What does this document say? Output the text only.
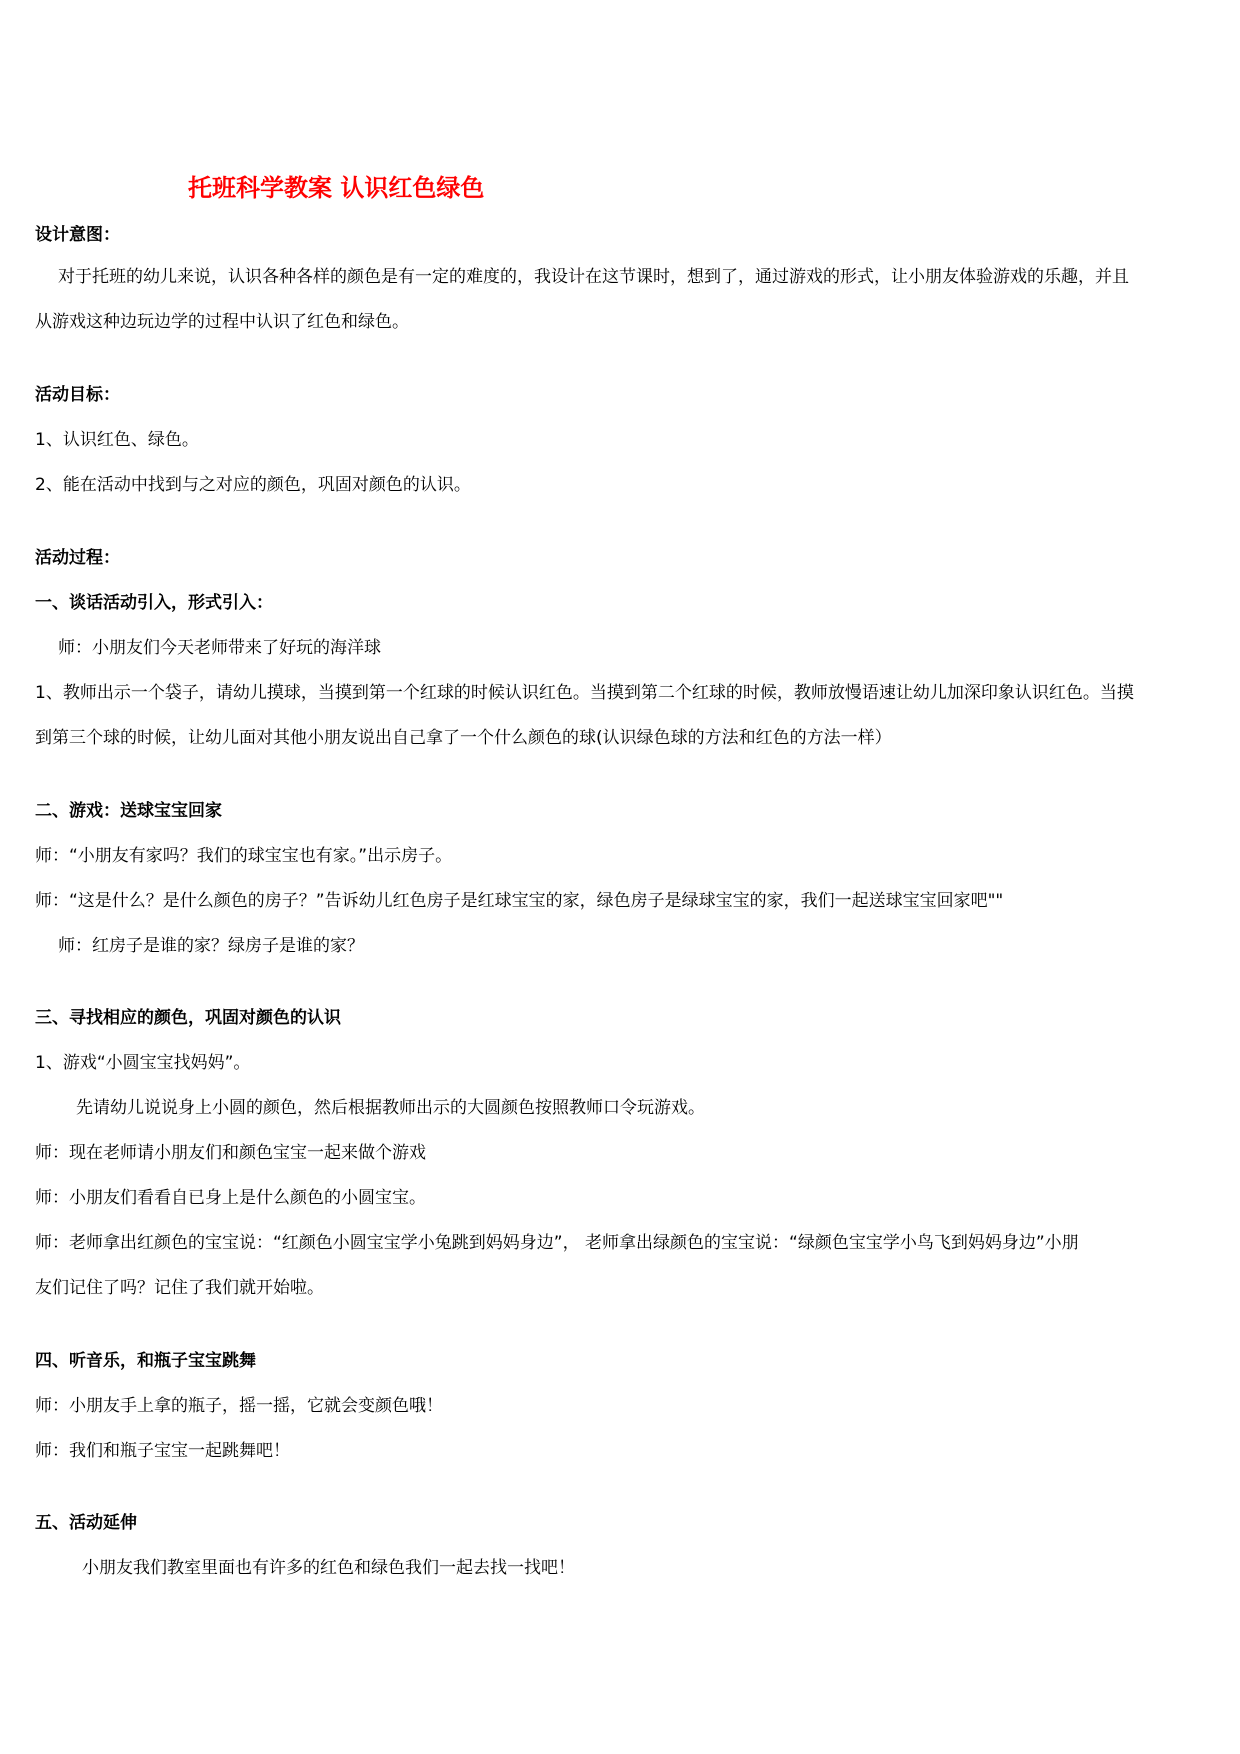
托班科学教案 认识红色绿色
设计意图：
对于托班的幼儿来说，认识各种各样的颜色是有一定的难度的，我设计在这节课时，想到了，通过游戏的形式，让小朋友体验游戏的乐趣，并且
从游戏这种边玩边学的过程中认识了红色和绿色。
活动目标：
1、认识红色、绿色。
2、能在活动中找到与之对应的颜色，巩固对颜色的认识。
活动过程：
一、谈话活动引入，形式引入：
师：小朋友们今天老师带来了好玩的海洋球
1、教师出示一个袋子，请幼儿摸球，当摸到第一个红球的时候认识红色。当摸到第二个红球的时候，教师放慢语速让幼儿加深印象认识红色。当摸
到第三个球的时候，让幼儿面对其他小朋友说出自己拿了一个什么颜色的球(认识绿色球的方法和红色的方法一样）
二、游戏：送球宝宝回家
师：“小朋友有家吗？我们的球宝宝也有家。”出示房子。
师：“这是什么？是什么颜色的房子？”告诉幼儿红色房子是红球宝宝的家，绿色房子是绿球宝宝的家，我们一起送球宝宝回家吧""
师：红房子是谁的家？绿房子是谁的家？
三、寻找相应的颜色，巩固对颜色的认识
1、游戏“小圆宝宝找妈妈”。
先请幼儿说说身上小圆的颜色，然后根据教师出示的大圆颜色按照教师口令玩游戏。
师：现在老师请小朋友们和颜色宝宝一起来做个游戏
师：小朋友们看看自已身上是什么颜色的小圆宝宝。
师：老师拿出红颜色的宝宝说：“红颜色小圆宝宝学小兔跳到妈妈身边”， 老师拿出绿颜色的宝宝说：“绿颜色宝宝学小鸟飞到妈妈身边”小朋
友们记住了吗？记住了我们就开始啦。
四、听音乐，和瓶子宝宝跳舞
师：小朋友手上拿的瓶子，摇一摇，它就会变颜色哦！
师：我们和瓶子宝宝一起跳舞吧！
五、活动延伸
小朋友我们教室里面也有许多的红色和绿色我们一起去找一找吧！
